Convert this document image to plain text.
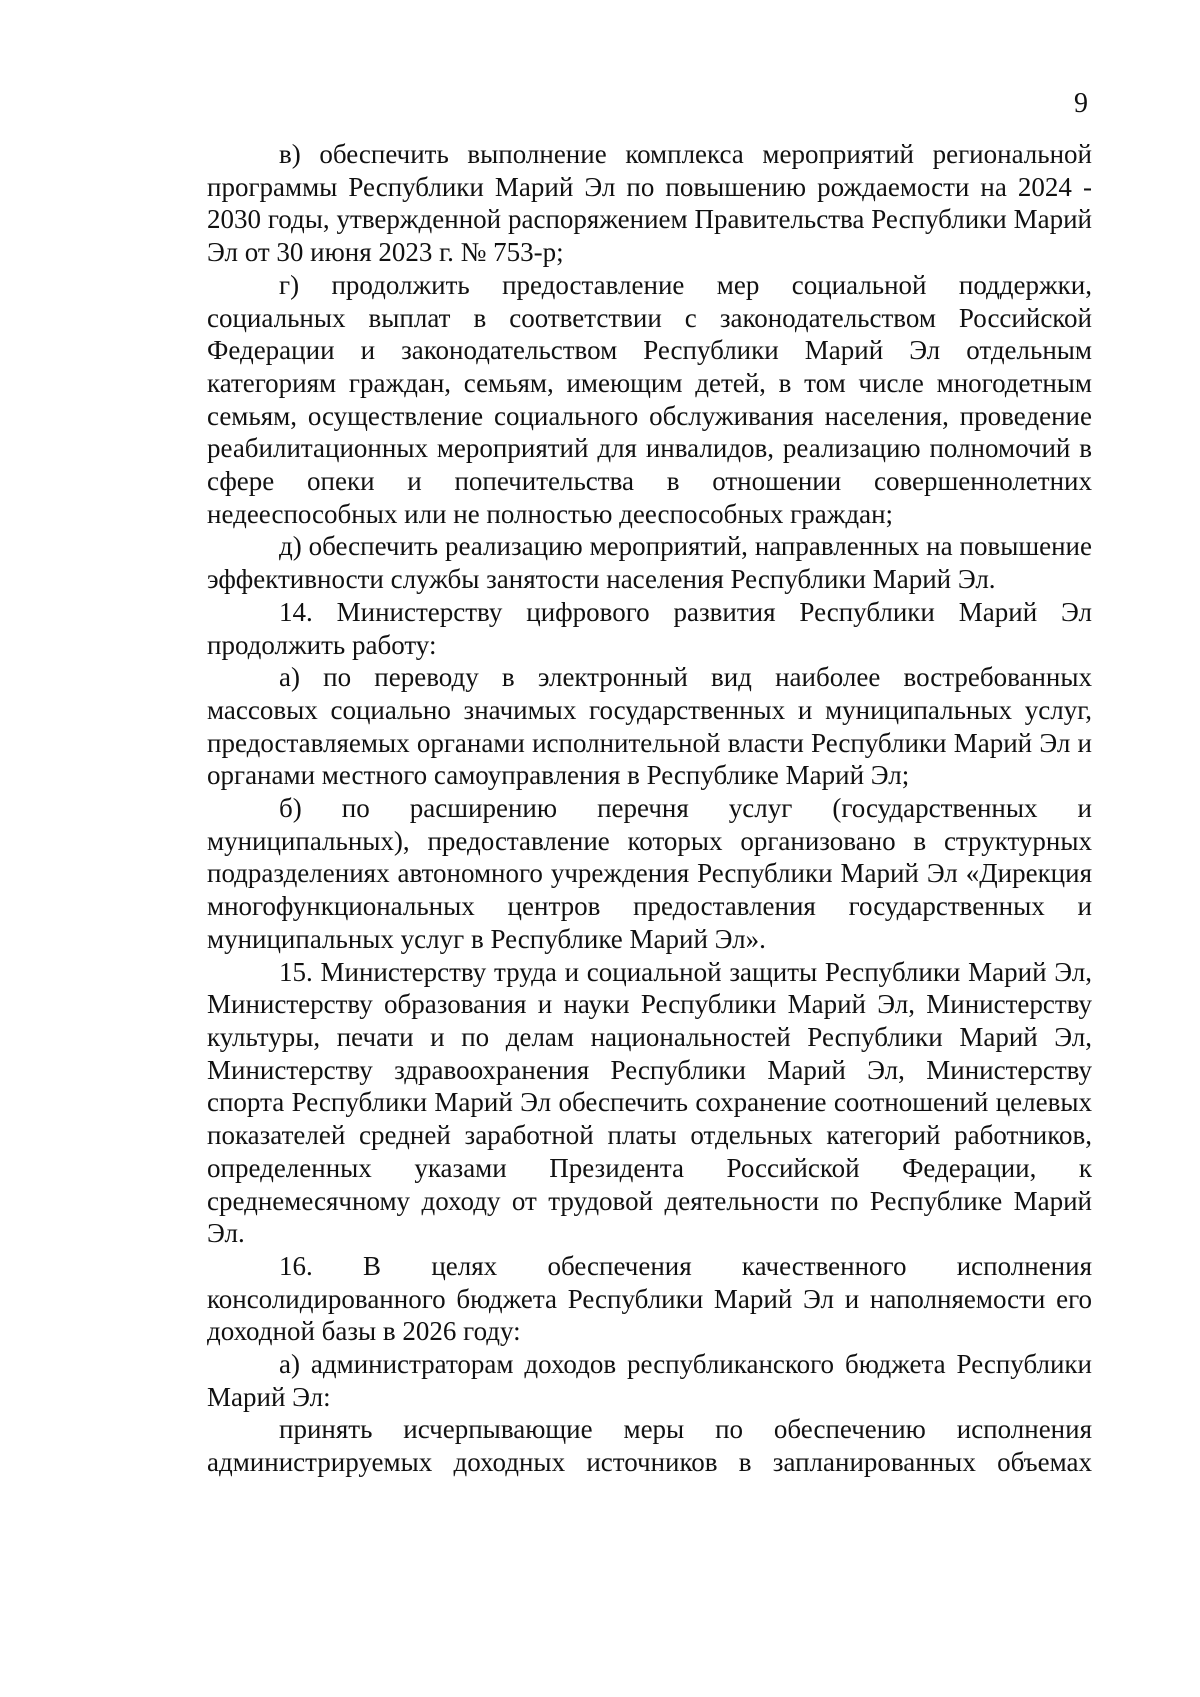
9

в) обеспечить выполнение комплекса мероприятий региональной программы Республики Марий Эл по повышению рождаемости на 2024 - 2030 годы, утвержденной распоряжением Правительства Республики Марий Эл от 30 июня 2023 г. № 753-р;

г) продолжить предоставление мер социальной поддержки, социальных выплат в соответствии с законодательством Российской Федерации и законодательством Республики Марий Эл отдельным категориям граждан, семьям, имеющим детей, в том числе многодетным семьям, осуществление социального обслуживания населения, проведение реабилитационных мероприятий для инвалидов, реализацию полномочий в сфере опеки и попечительства в отношении совершеннолетних недееспособных или не полностью дееспособных граждан;

д) обеспечить реализацию мероприятий, направленных на повышение эффективности службы занятости населения Республики Марий Эл.

14. Министерству цифрового развития Республики Марий Эл продолжить работу:

а) по переводу в электронный вид наиболее востребованных массовых социально значимых государственных и муниципальных услуг, предоставляемых органами исполнительной власти Республики Марий Эл и органами местного самоуправления в Республике Марий Эл;

б) по расширению перечня услуг (государственных и муниципальных), предоставление которых организовано в структурных подразделениях автономного учреждения Республики Марий Эл «Дирекция многофункциональных центров предоставления государственных и муниципальных услуг в Республике Марий Эл».

15. Министерству труда и социальной защиты Республики Марий Эл, Министерству образования и науки Республики Марий Эл, Министерству культуры, печати и по делам национальностей Республики Марий Эл, Министерству здравоохранения Республики Марий Эл, Министерству спорта Республики Марий Эл обеспечить сохранение соотношений целевых показателей средней заработной платы отдельных категорий работников, определенных указами Президента Российской Федерации, к среднемесячному доходу от трудовой деятельности по Республике Марий Эл.

16. В целях обеспечения качественного исполнения консолидированного бюджета Республики Марий Эл и наполняемости его доходной базы в 2026 году:

а) администраторам доходов республиканского бюджета Республики Марий Эл:

принять исчерпывающие меры по обеспечению исполнения администрируемых доходных источников в запланированных объемах
